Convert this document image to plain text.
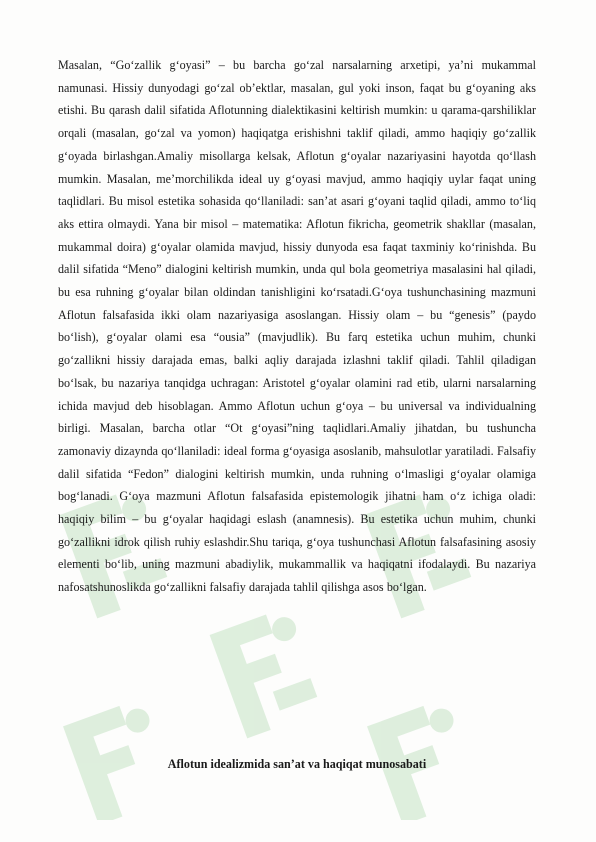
Masalan, “Go‘zallik g‘oyasi” – bu barcha go‘zal narsalarning arxetipi, ya’ni mukammal namunasi. Hissiy dunyodagi go‘zal ob’ektlar, masalan, gul yoki inson, faqat bu g‘oyaning aks etishi. Bu qarash dalil sifatida Aflotunning dialektikasini keltirish mumkin: u qarama-qarshiliklar orqali (masalan, go‘zal va yomon) haqiqatga erishishni taklif qiladi, ammo haqiqiy go‘zallik g‘oyada birlashgan.Amaliy misollarga kelsak, Aflotun g‘oyalar nazariyasini hayotda qo‘llash mumkin. Masalan, me’morchilikda ideal uy g‘oyasi mavjud, ammo haqiqiy uylar faqat uning taqlidlari. Bu misol estetika sohasida qo‘llaniladi: san’at asari g‘oyani taqlid qiladi, ammo to‘liq aks ettira olmaydi. Yana bir misol – matematika: Aflotun fikricha, geometrik shakllar (masalan, mukammal doira) g‘oyalar olamida mavjud, hissiy dunyoda esa faqat taxminiy ko‘rinishda. Bu dalil sifatida “Meno” dialogini keltirish mumkin, unda qul bola geometriya masalasini hal qiladi, bu esa ruhning g‘oyalar bilan oldindan tanishligini ko‘rsatadi.G‘oya tushunchasining mazmuni Aflotun falsafasida ikki olam nazariyasiga asoslangan. Hissiy olam – bu “genesis” (paydo bo‘lish), g‘oyalar olami esa “ousia” (mavjudlik). Bu farq estetika uchun muhim, chunki go‘zallikni hissiy darajada emas, balki aqliy darajada izlashni taklif qiladi. Tahlil qiladigan bo‘lsak, bu nazariya tanqidga uchragan: Aristotel g‘oyalar olamini rad etib, ularni narsalarning ichida mavjud deb hisoblagan. Ammo Aflotun uchun g‘oya – bu universal va individualning birligi. Masalan, barcha otlar “Ot g‘oyasi”ning taqlidlari.Amaliy jihatdan, bu tushuncha zamonaviy dizaynda qo‘llaniladi: ideal forma g‘oyasiga asoslanib, mahsulotlar yaratiladi. Falsafiy dalil sifatida “Fedon” dialogini keltirish mumkin, unda ruhning o‘lmasligi g‘oyalar olamiga bog‘lanadi. G‘oya mazmuni Aflotun falsafasida epistemologik jihatni ham o‘z ichiga oladi: haqiqiy bilim – bu g‘oyalar haqidagi eslash (anamnesis). Bu estetika uchun muhim, chunki go‘zallikni idrok qilish ruhiy eslashdir.Shu tariqa, g‘oya tushunchasi Aflotun falsafasining asosiy elementi bo‘lib, uning mazmuni abadiylik, mukammallik va haqiqatni ifodalaydi. Bu nazariya nafosatshunoslikda go‘zallikni falsafiy darajada tahlil qilishga asos bo‘lgan.

Aflotun idealizmida san’at va haqiqat munosabati
